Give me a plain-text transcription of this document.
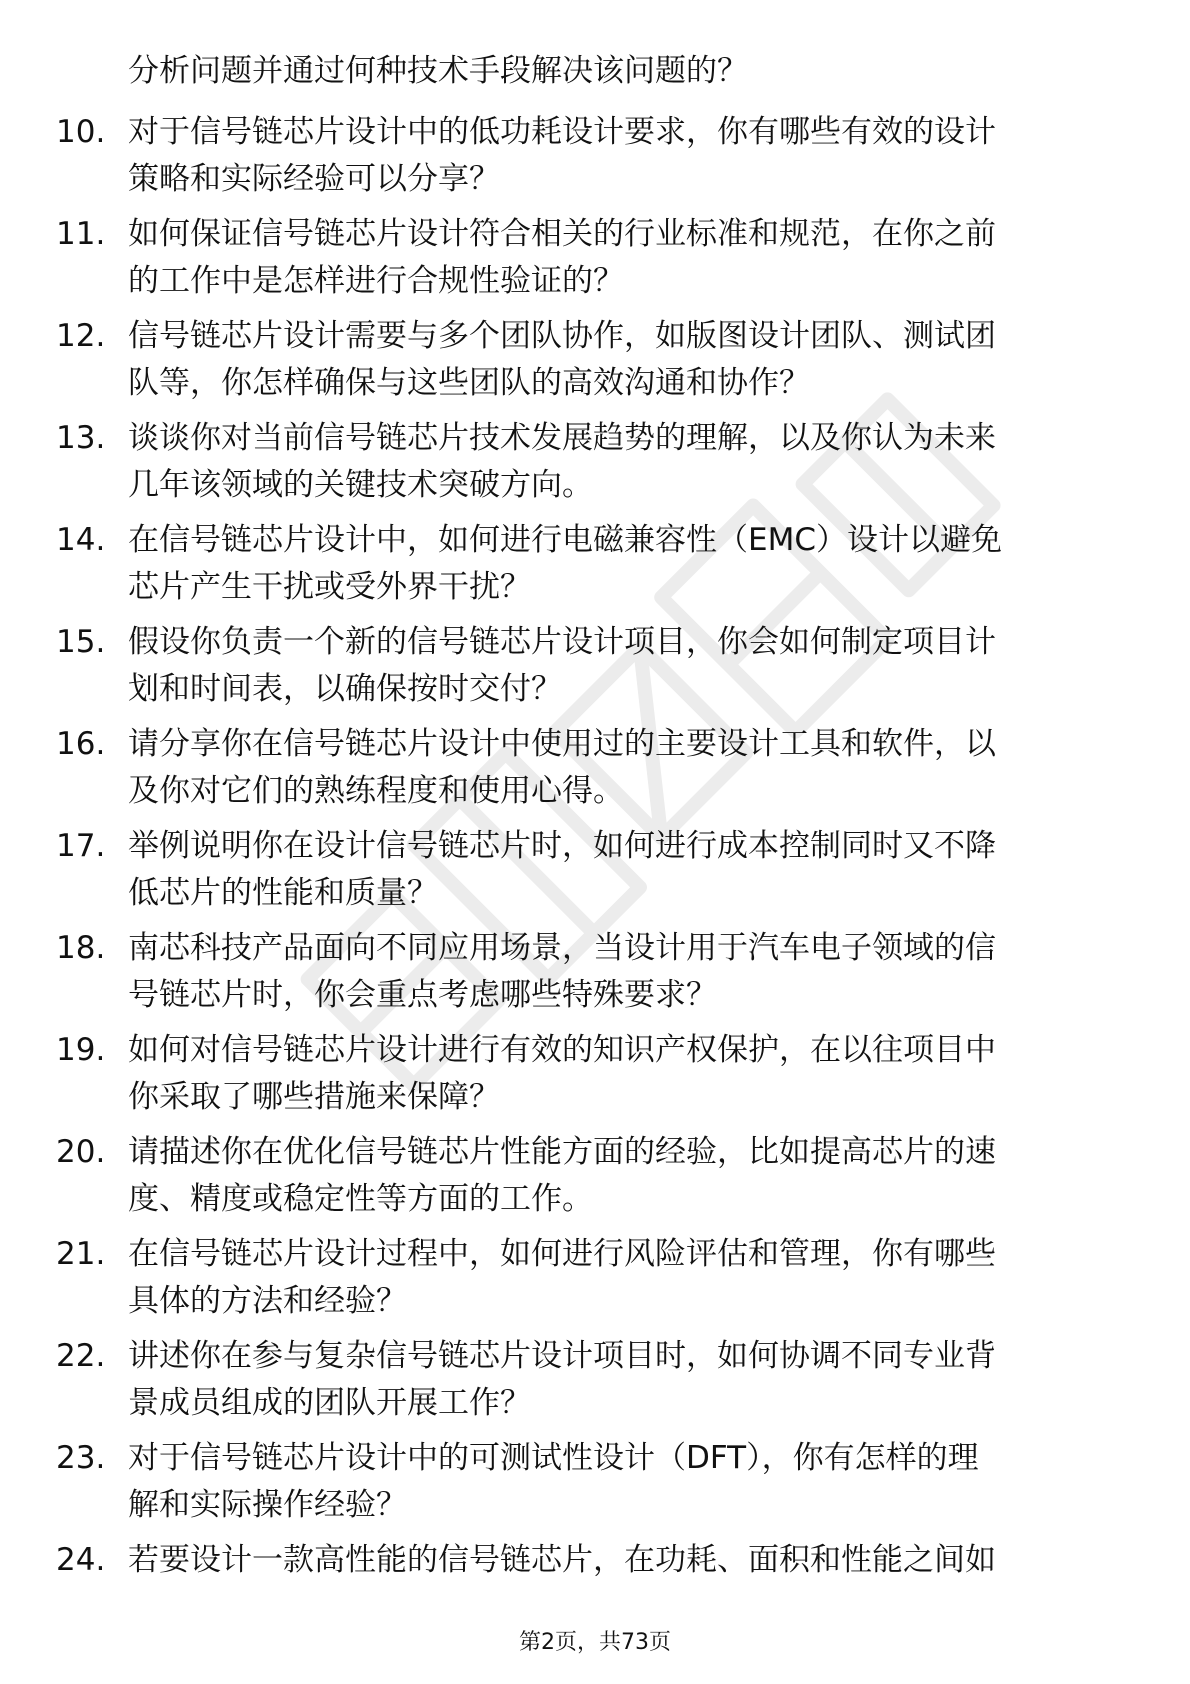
分析问题并通过何种技术手段解决该问题的？
10. 对于信号链芯片设计中的低功耗设计要求，你有哪些有效的设计
策略和实际经验可以分享？
11. 如何保证信号链芯片设计符合相关的行业标准和规范，在你之前
的工作中是怎样进行合规性验证的？
12. 信号链芯片设计需要与多个团队协作，如版图设计团队、测试团
队等，你怎样确保与这些团队的高效沟通和协作？
13. 谈谈你对当前信号链芯片技术发展趋势的理解，以及你认为未来
几年该领域的关键技术突破方向。
14. 在信号链芯片设计中，如何进行电磁兼容性（EMC）设计以避免
芯片产生干扰或受外界干扰？
15. 假设你负责一个新的信号链芯片设计项目，你会如何制定项目计
划和时间表，以确保按时交付？
16. 请分享你在信号链芯片设计中使用过的主要设计工具和软件，以
及你对它们的熟练程度和使用心得。
17. 举例说明你在设计信号链芯片时，如何进行成本控制同时又不降
低芯片的性能和质量？
18. 南芯科技产品面向不同应用场景，当设计用于汽车电子领域的信
号链芯片时，你会重点考虑哪些特殊要求？
19. 如何对信号链芯片设计进行有效的知识产权保护，在以往项目中
你采取了哪些措施来保障？
20. 请描述你在优化信号链芯片性能方面的经验，比如提高芯片的速
度、精度或稳定性等方面的工作。
21. 在信号链芯片设计过程中，如何进行风险评估和管理，你有哪些
具体的方法和经验？
22. 讲述你在参与复杂信号链芯片设计项目时，如何协调不同专业背
景成员组成的团队开展工作？
23. 对于信号链芯片设计中的可测试性设计（DFT），你有怎样的理
解和实际操作经验？
24. 若要设计一款高性能的信号链芯片，在功耗、面积和性能之间如
第2页，共73页
